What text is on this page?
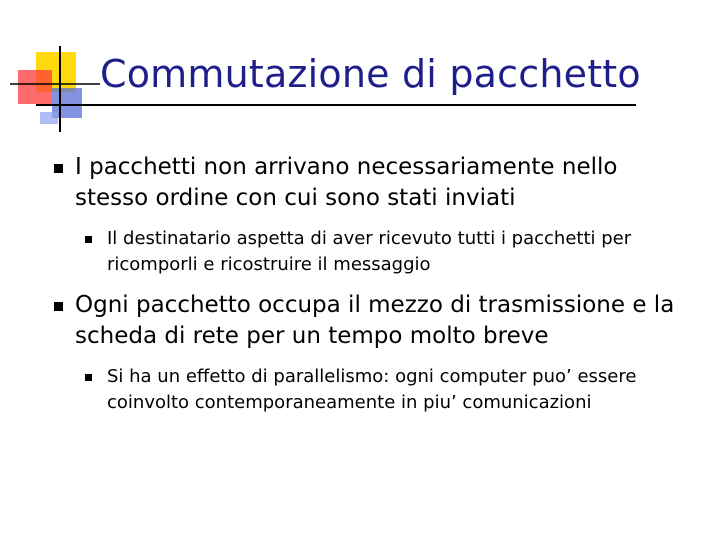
Commutazione di pacchetto
I pacchetti non arrivano necessariamente nello stesso ordine con cui sono stati inviati
Il destinatario aspetta di aver ricevuto tutti i pacchetti per ricomporli e ricostruire il messaggio
Ogni pacchetto occupa il mezzo di trasmissione e la scheda di rete per un tempo molto breve
Si ha un effetto di parallelismo: ogni computer puo’ essere coinvolto contemporaneamente in piu’ comunicazioni
